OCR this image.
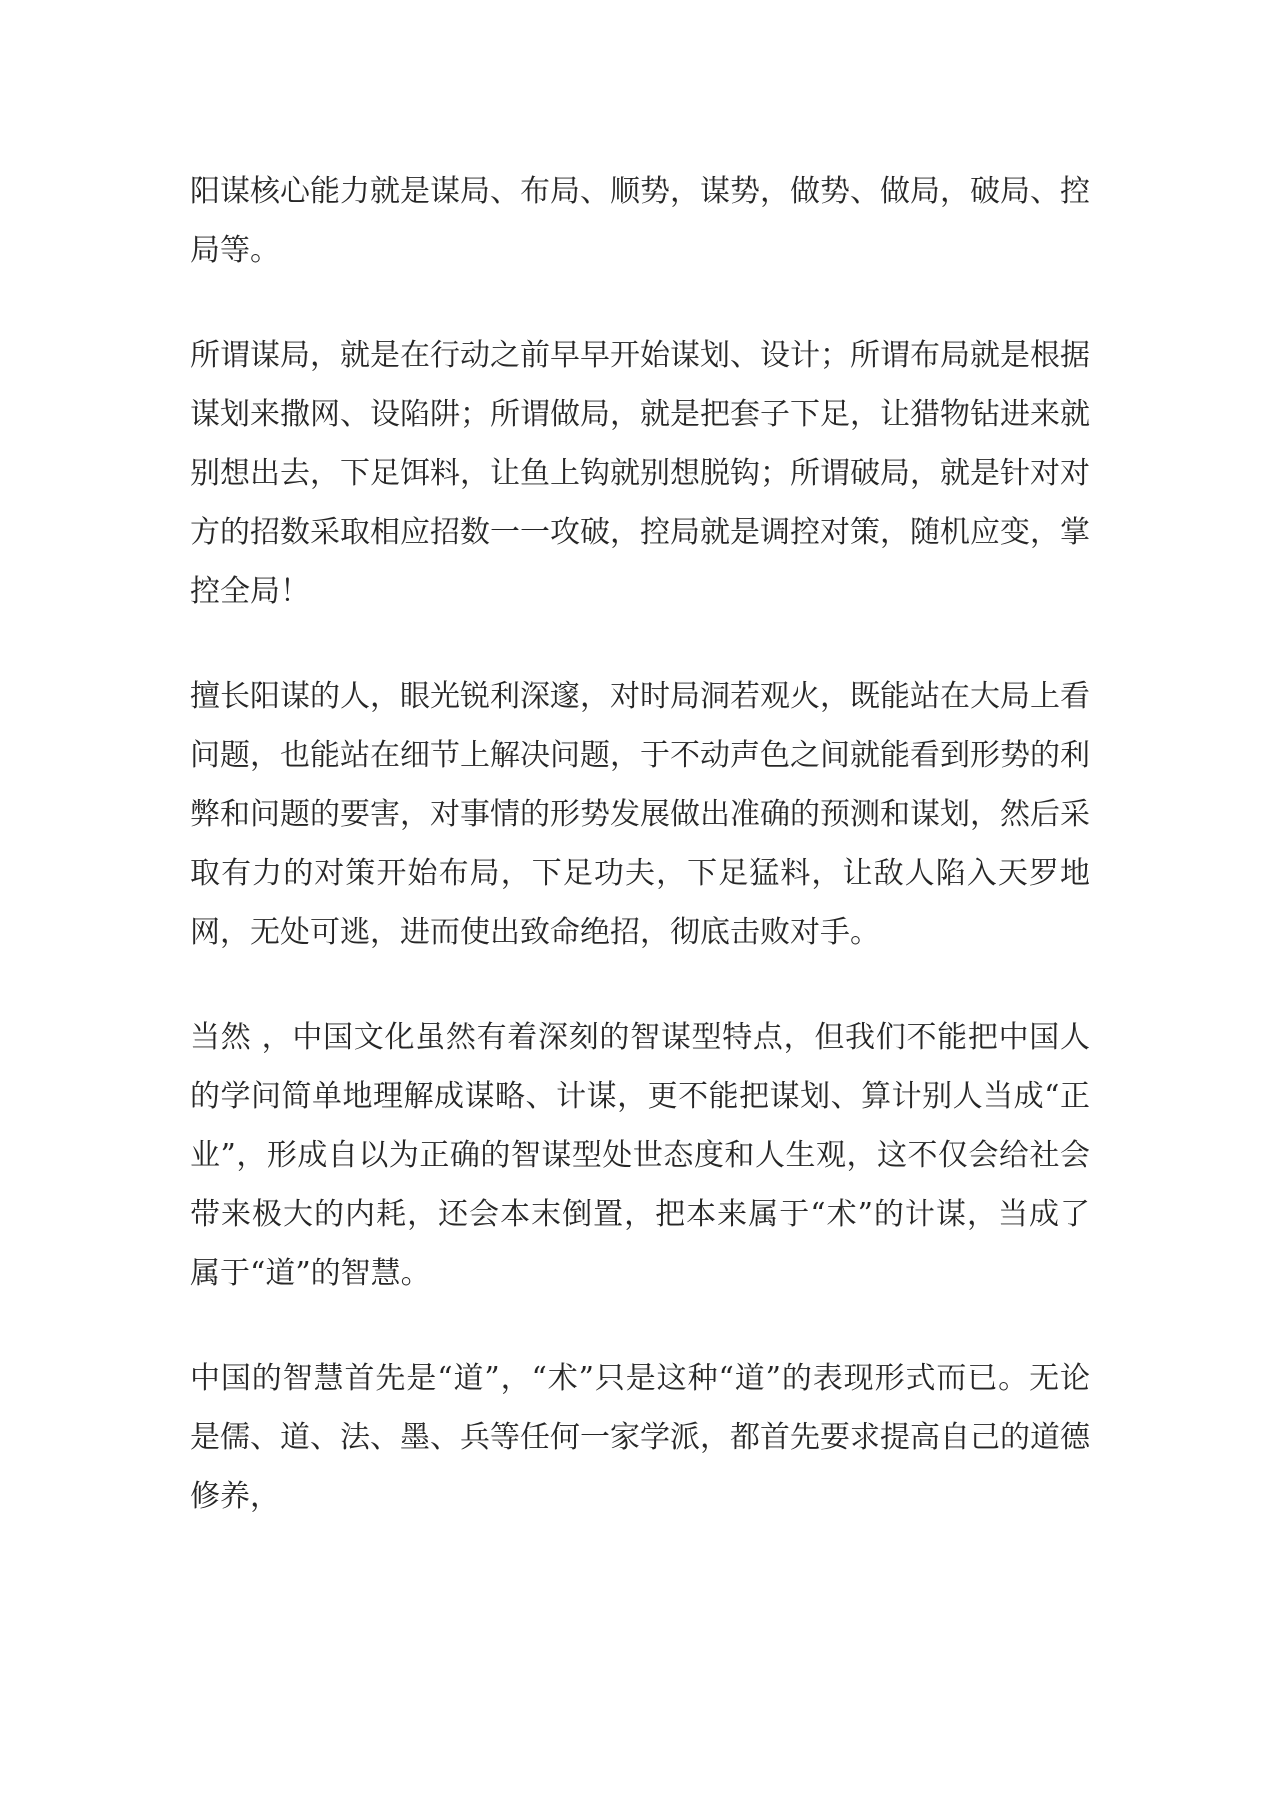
阳谋核心能力就是谋局、布局、顺势，谋势，做势、做局，破局、控局等。

所谓谋局，就是在行动之前早早开始谋划、设计；所谓布局就是根据谋划来撒网、设陷阱；所谓做局，就是把套子下足，让猎物钻进来就别想出去，下足饵料，让鱼上钩就别想脱钩；所谓破局，就是针对对方的招数采取相应招数一一攻破，控局就是调控对策，随机应变，掌控全局！

擅长阳谋的人，眼光锐利深邃，对时局洞若观火，既能站在大局上看问题，也能站在细节上解决问题，于不动声色之间就能看到形势的利弊和问题的要害，对事情的形势发展做出准确的预测和谋划，然后采取有力的对策开始布局，下足功夫，下足猛料，让敌人陷入天罗地网，无处可逃，进而使出致命绝招，彻底击败对手。

当然 ，中国文化虽然有着深刻的智谋型特点，但我们不能把中国人的学问简单地理解成谋略、计谋，更不能把谋划、算计别人当成“正业”，形成自以为正确的智谋型处世态度和人生观，这不仅会给社会带来极大的内耗，还会本末倒置，把本来属于“术”的计谋，当成了属于“道”的智慧。

中国的智慧首先是“道”，“术”只是这种“道”的表现形式而已。无论是儒、道、法、墨、兵等任何一家学派，都首先要求提高自己的道德修养，
